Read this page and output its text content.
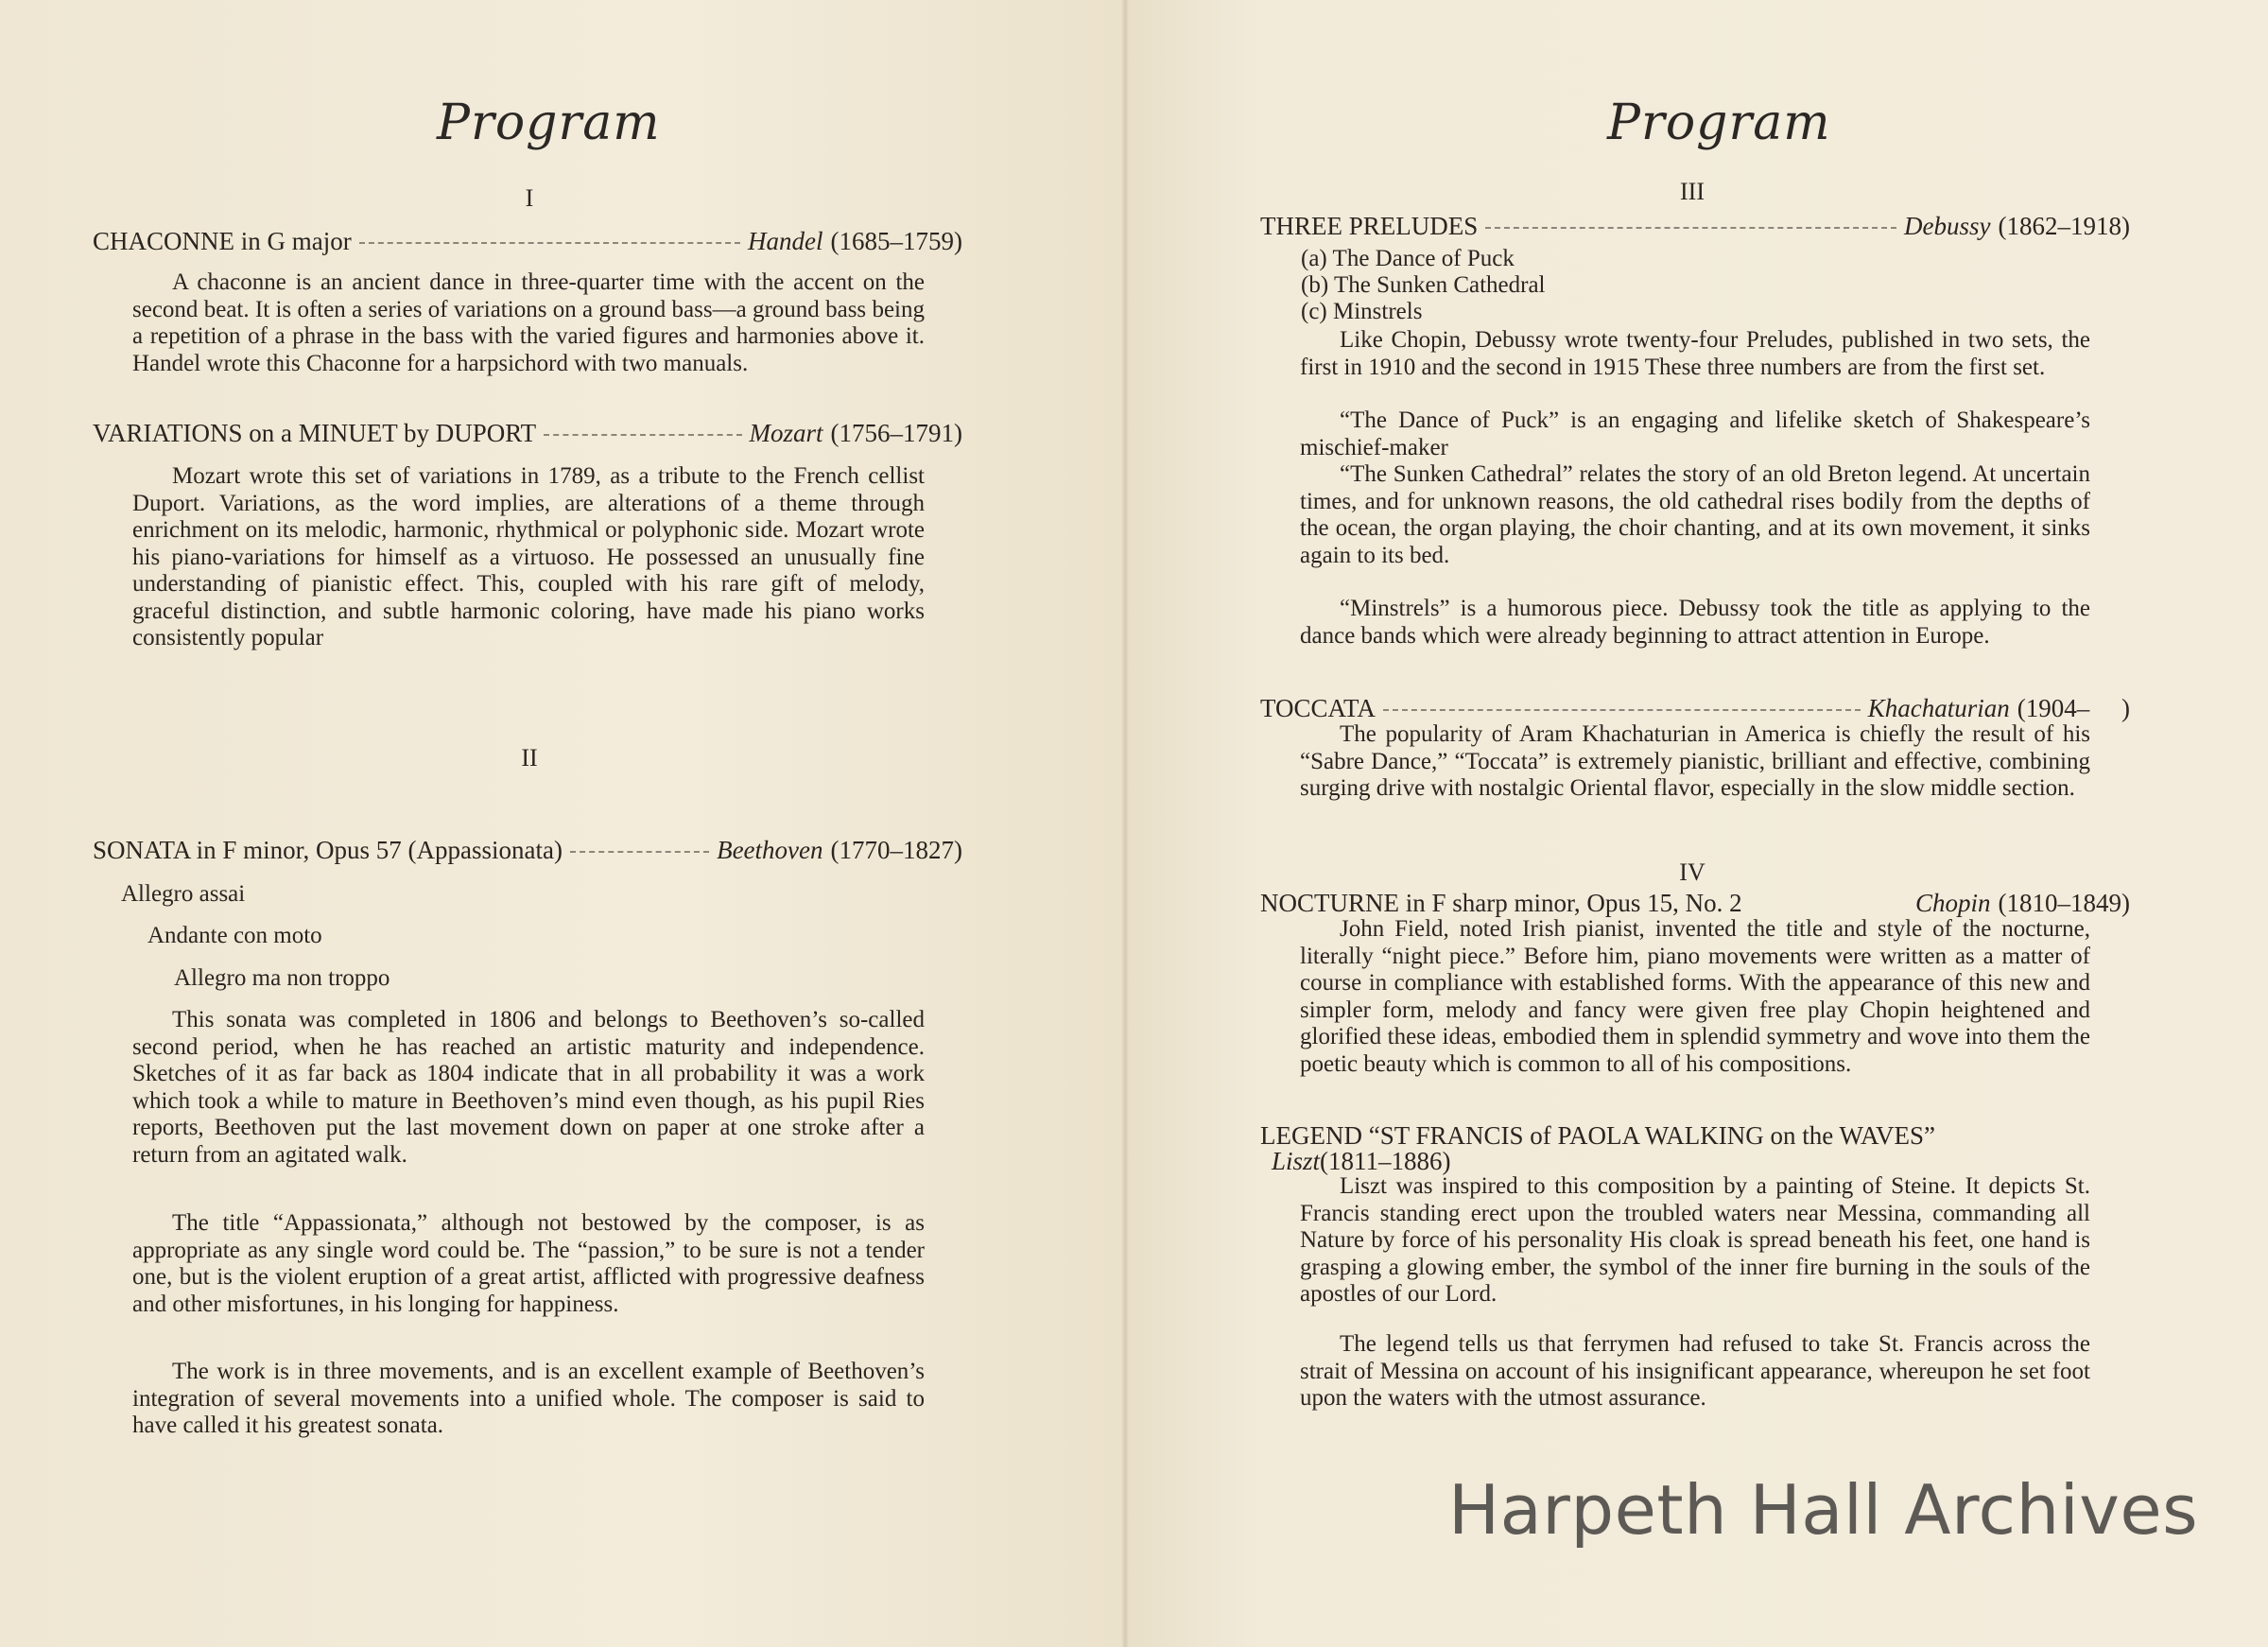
Program
I
CHACONNE in G major	Handel (1685–1759)
A chaconne is an ancient dance in three-quarter time with the accent on the second beat. It is often a series of variations on a ground bass—a ground bass being a repetition of a phrase in the bass with the varied figures and harmonies above it. Handel wrote this Chaconne for a harpsichord with two manuals.
VARIATIONS on a MINUET by DUPORT	Mozart (1756–1791)
Mozart wrote this set of variations in 1789, as a tribute to the French cellist Duport. Variations, as the word implies, are alterations of a theme through enrichment on its melodic, harmonic, rhythmical or polyphonic side. Mozart wrote his piano-variations for himself as a virtuoso. He possessed an unusually fine understanding of pianistic effect. This, coupled with his rare gift of melody, graceful distinction, and subtle harmonic coloring, have made his piano works consistently popular
II
SONATA in F minor, Opus 57 (Appassionata)	Beethoven (1770–1827)
Allegro assai
Andante con moto
Allegro ma non troppo
This sonata was completed in 1806 and belongs to Beethoven’s so-called second period, when he has reached an artistic maturity and independence. Sketches of it as far back as 1804 indicate that in all probability it was a work which took a while to mature in Beethoven’s mind even though, as his pupil Ries reports, Beethoven put the last movement down on paper at one stroke after a return from an agitated walk.
The title “Appassionata,” although not bestowed by the composer, is as appropriate as any single word could be. The “passion,” to be sure is not a tender one, but is the violent eruption of a great artist, afflicted with progressive deafness and other misfortunes, in his longing for happiness.
The work is in three movements, and is an excellent example of Beethoven’s integration of several movements into a unified whole. The composer is said to have called it his greatest sonata.
Program
III
THREE PRELUDES	Debussy (1862–1918)
(a) The Dance of Puck
(b) The Sunken Cathedral
(c) Minstrels
Like Chopin, Debussy wrote twenty-four Preludes, published in two sets, the first in 1910 and the second in 1915 These three numbers are from the first set.
“The Dance of Puck” is an engaging and lifelike sketch of Shakespeare’s mischief-maker
“The Sunken Cathedral” relates the story of an old Breton legend. At uncertain times, and for unknown reasons, the old cathedral rises bodily from the depths of the ocean, the organ playing, the choir chanting, and at its own movement, it sinks again to its bed.
“Minstrels” is a humorous piece. Debussy took the title as applying to the dance bands which were already beginning to attract attention in Europe.
TOCCATA	Khachaturian (1904–     )
The popularity of Aram Khachaturian in America is chiefly the result of his “Sabre Dance,” “Toccata” is extremely pianistic, brilliant and effective, combining surging drive with nostalgic Oriental flavor, especially in the slow middle section.
IV
NOCTURNE in F sharp minor, Opus 15, No. 2	Chopin (1810–1849)
John Field, noted Irish pianist, invented the title and style of the nocturne, literally “night piece.” Before him, piano movements were written as a matter of course in compliance with established forms. With the appearance of this new and simpler form, melody and fancy were given free play Chopin heightened and glorified these ideas, embodied them in splendid symmetry and wove into them the poetic beauty which is common to all of his compositions.
LEGEND “ST FRANCIS of PAOLA WALKING on the WAVES”
Liszt (1811–1886)
Liszt was inspired to this composition by a painting of Steine. It depicts St. Francis standing erect upon the troubled waters near Messina, commanding all Nature by force of his personality His cloak is spread beneath his feet, one hand is grasping a glowing ember, the symbol of the inner fire burning in the souls of the apostles of our Lord.
The legend tells us that ferrymen had refused to take St. Francis across the strait of Messina on account of his insignificant appearance, whereupon he set foot upon the waters with the utmost assurance.
Harpeth Hall Archives
